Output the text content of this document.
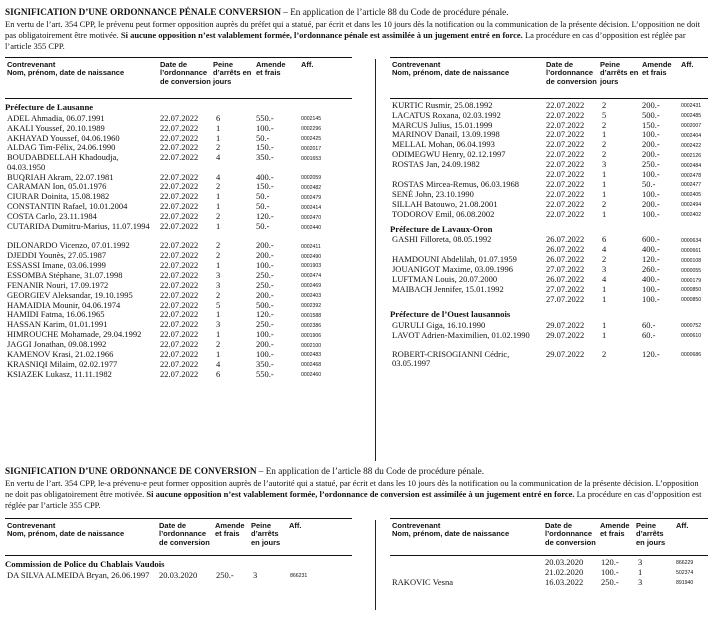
SIGNIFICATION D’UNE ORDONNANCE PÉNALE CONVERSION – En application de l’article 88 du Code de procédure pénale.
En vertu de l’art. 354 CPP, le prévenu peut former opposition auprès du préfet qui a statué, par écrit et dans les 10 jours dès la notification ou la communication de la présente décision. L’opposition ne doit pas obligatoirement être motivée. Si aucune opposition n’est valablement formée, l’ordonnance pénale est assimilée à un jugement entré en force. La procédure en cas d’opposition est réglée par l’article 355 CPP.
Contrevenant
Nom, prénom, date de naissance
Date de l’ordonnance de conversion
Peine d’arrêts en jours
Amende et frais
Aff.
Préfecture de Lausanne
ADEL Ahmadia, 06.07.1991	22.07.2022 6	550.-	0002145
AKALI Youssef, 20.10.1989	22.07.2022 1	100.-	0002296
AKHAYAD Youssef, 04.06.1960	22.07.2022 1	50.-	0002425
ALDAG Tim-Félix, 24.06.1990	22.07.2022 2	150.-	0002017
BOUDABDELLAH Khadoudja, 04.03.1950
22.07.2022 4	350.-	0001653
BUQRIAH Akram, 22.07.1981	22.07.2022 4	400.-	0002059
CARAMAN Ion, 05.01.1976	22.07.2022 2	150.-	0002482
CIURAR Doinita, 15.08.1982	22.07.2022 1	50.-	0002479
CONSTANTIN Rafael, 10.01.2004	22.07.2022 1	50.-	0002414
COSTA Carlo, 23.11.1984	22.07.2022 2	120.-	0002470
CUTARIDA Dumitru-Marius, 11.07.1994	22.07.2022 1	50.-	0002440
DILONARDO Vicenzo, 07.01.1992	22.07.2022 2	200.-	0002411
DJEDDI Younès, 27.05.1987	22.07.2022 2	200.-	0002490
ESSASSI Imane, 03.06.1999	22.07.2022 1	100.-	0001903
ESSOMBA Stéphane, 31.07.1998	22.07.2022 3	250.-	0002474
FENANIR Nouri, 17.09.1972	22.07.2022 3	250.-	0002469
GEORGIEV Aleksandar, 19.10.1995	22.07.2022 2	200.-	0002403
HAMAIDIA Mounir, 04.06.1974	22.07.2022 5	500.-	0002392
HAMIDI Fatma, 16.06.1965	22.07.2022 1	120.-	0001588
HASSAN Karim, 01.01.1991	22.07.2022 3	250.-	0002386
HIMROUCHE Mohamade, 29.04.1992	22.07.2022 1	100.-	0001906
JAGGI Jonathan, 09.08.1992	22.07.2022 2	200.-	0002100
KAMENOV Krasi, 21.02.1966	22.07.2022 1	100.-	0002483
KRASNIQI Milaim, 02.02.1977	22.07.2022 4	350.-	0002468
KSIAZEK Lukasz, 11.11.1982	22.07.2022 6	550.-	0002460
Contrevenant
Nom, prénom, date de naissance
Date de l’ordonnance de conversion
Peine d’arrêts en jours
Amende et frais
Aff.
KURTIC Rusmir, 25.08.1992	22.07.2022 2	200.-	0002431
LACATUS Roxana, 02.03.1992	22.07.2022 5	500.-	0002485
MARCUS Julius, 15.01.1999	22.07.2022 2	150.-	0002007
MARINOV Danail, 13.09.1998	22.07.2022 1	100.-	0002404
MELLAL Mohan, 06.04.1993	22.07.2022 2	200.-	0002422
ODIMEGWU Henry, 02.12.1997	22.07.2022 2	200.-	0002126
ROSTAS Jan, 24.09.1982	22.07.2022 3	250.-	0002484
22.07.2022 1	100.-	0002478
ROSTAS Mircea-Remus, 06.03.1968	22.07.2022 1	50.-	0002477
SENÉ John, 23.10.1990	22.07.2022 1	100.-	0002405
SILLAH Batouwo, 21.08.2001	22.07.2022 2	200.-	0002494
TODOROV Emil, 06.08.2002	22.07.2022 1	100.-	0002402
Préfecture de Lavaux-Oron
GASHI Filloreta, 08.05.1992	26.07.2022 6	600.-	0000634
26.07.2022 4	400.-	0000661
HAMDOUNI Abdelilah, 01.07.1959	26.07.2022 2	120.-	0000108
JOUANIGOT Maxime, 03.09.1996	27.07.2022 3	260.-	0000055
LUFTMAN Louis, 20.07.2000	26.07.2022 4	400.-	0000179
MAIBACH Jennifer, 15.01.1992	27.07.2022 1	100.-	0000850
27.07.2022 1	100.-	0000850
Préfecture de l’Ouest lausannois
GURULI Giga, 16.10.1990	29.07.2022 1	60.-	0000752
LAVOT Adrien-Maximilien, 01.02.1990	29.07.2022 1	60.-	0000610
ROBERT-CRISOGIANNI Cédric, 03.05.1997
29.07.2022 2	120.-	0000686
SIGNIFICATION D’UNE ORDONNANCE DE CONVERSION – En application de l’article 88 du Code de procédure pénale.
En vertu de l’art. 354 CPP, le-a prévenu-e peut former opposition auprès de l’autorité qui a statué, par écrit et dans les 10 jours dès la notification ou la communication de la présente décision. L’opposition ne doit pas obligatoirement être motivée. Si aucune opposition n’est valablement formée, l’ordonnance de conversion est assimilée à un jugement entré en force. La procédure en cas d’opposition est réglée par l’article 355 CPP.
Contrevenant
Nom, prénom, date de naissance
Date de l’ordonnance de conversion
Amende et frais
Peine d’arrêts en jours
Aff.
Commission de Police du Chablais Vaudois
DA SILVA ALMEIDA Bryan, 26.06.1997	20.03.2020 250.- 3	866231
Contrevenant
Nom, prénom, date de naissance
Date de l’ordonnance de conversion
Amende et frais
Peine d’arrêts en jours
Aff.
20.03.2020 120.- 3	866229
21.02.2020 100.- 1	502374
RAKOVIC Vesna	16.03.2022 250.- 3	891940
